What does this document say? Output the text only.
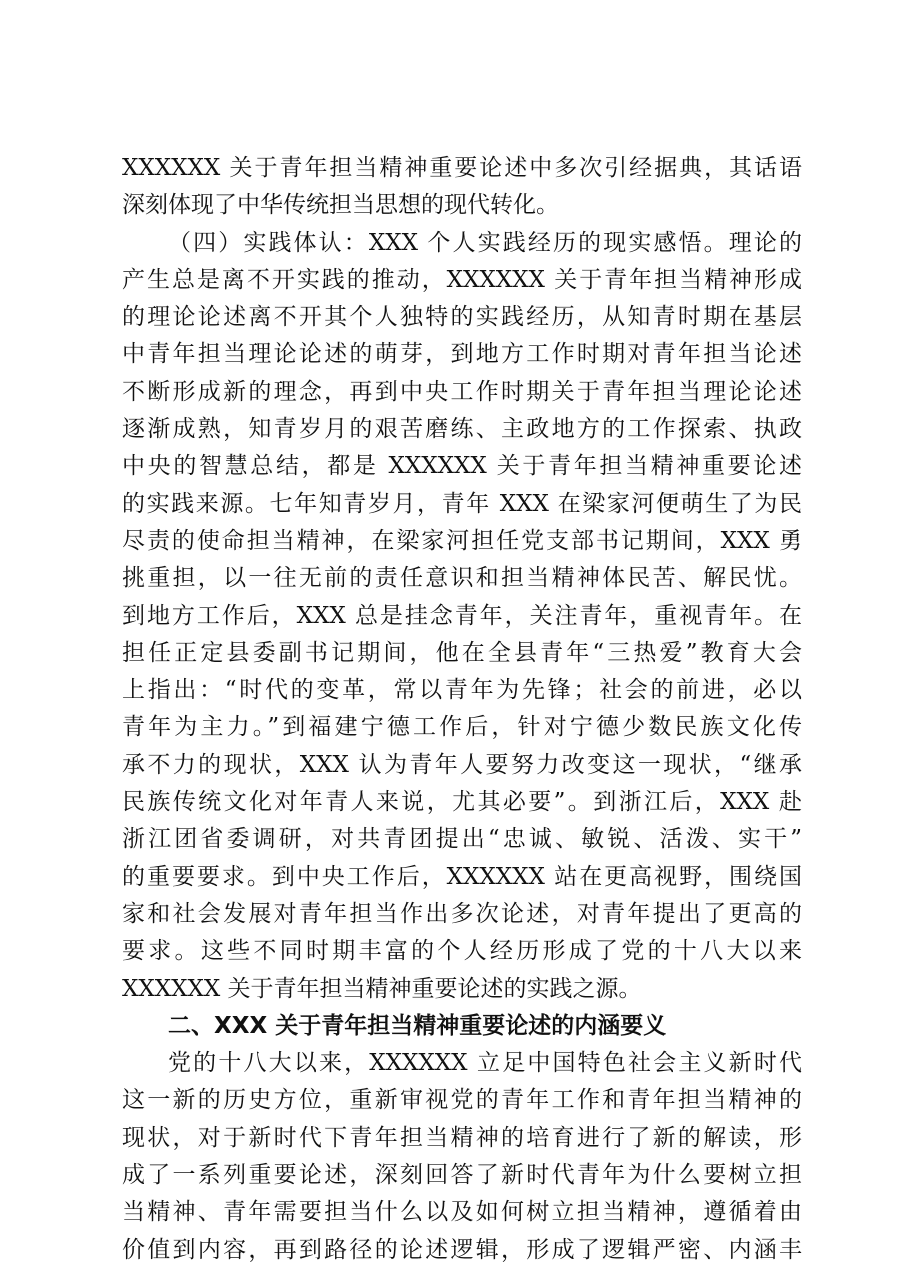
XXXXXX 关于青年担当精神重要论述中多次引经据典，其话语
深刻体现了中华传统担当思想的现代转化。
（四）实践体认：XXX 个人实践经历的现实感悟。理论的
产生总是离不开实践的推动，XXXXXX 关于青年担当精神形成
的理论论述离不开其个人独特的实践经历，从知青时期在基层
中青年担当理论论述的萌芽，到地方工作时期对青年担当论述
不断形成新的理念，再到中央工作时期关于青年担当理论论述
逐渐成熟，知青岁月的艰苦磨练、主政地方的工作探索、执政
中央的智慧总结，都是 XXXXXX 关于青年担当精神重要论述
的实践来源。七年知青岁月，青年 XXX 在梁家河便萌生了为民
尽责的使命担当精神，在梁家河担任党支部书记期间，XXX 勇
挑重担，以一往无前的责任意识和担当精神体民苦、解民忧。
到地方工作后，XXX 总是挂念青年，关注青年，重视青年。在
担任正定县委副书记期间，他在全县青年“三热爱”教育大会
上指出：“时代的变革，常以青年为先锋；社会的前进，必以
青年为主力。”到福建宁德工作后，针对宁德少数民族文化传
承不力的现状，XXX 认为青年人要努力改变这一现状，“继承
民族传统文化对年青人来说，尤其必要”。到浙江后，XXX 赴
浙江团省委调研，对共青团提出“忠诚、敏锐、活泼、实干”
的重要要求。到中央工作后，XXXXXX 站在更高视野，围绕国
家和社会发展对青年担当作出多次论述，对青年提出了更高的
要求。这些不同时期丰富的个人经历形成了党的十八大以来
XXXXXX 关于青年担当精神重要论述的实践之源。
二、XXX 关于青年担当精神重要论述的内涵要义
党的十八大以来，XXXXXX 立足中国特色社会主义新时代
这一新的历史方位，重新审视党的青年工作和青年担当精神的
现状，对于新时代下青年担当精神的培育进行了新的解读，形
成了一系列重要论述，深刻回答了新时代青年为什么要树立担
当精神、青年需要担当什么以及如何树立担当精神，遵循着由
价值到内容，再到路径的论述逻辑，形成了逻辑严密、内涵丰
